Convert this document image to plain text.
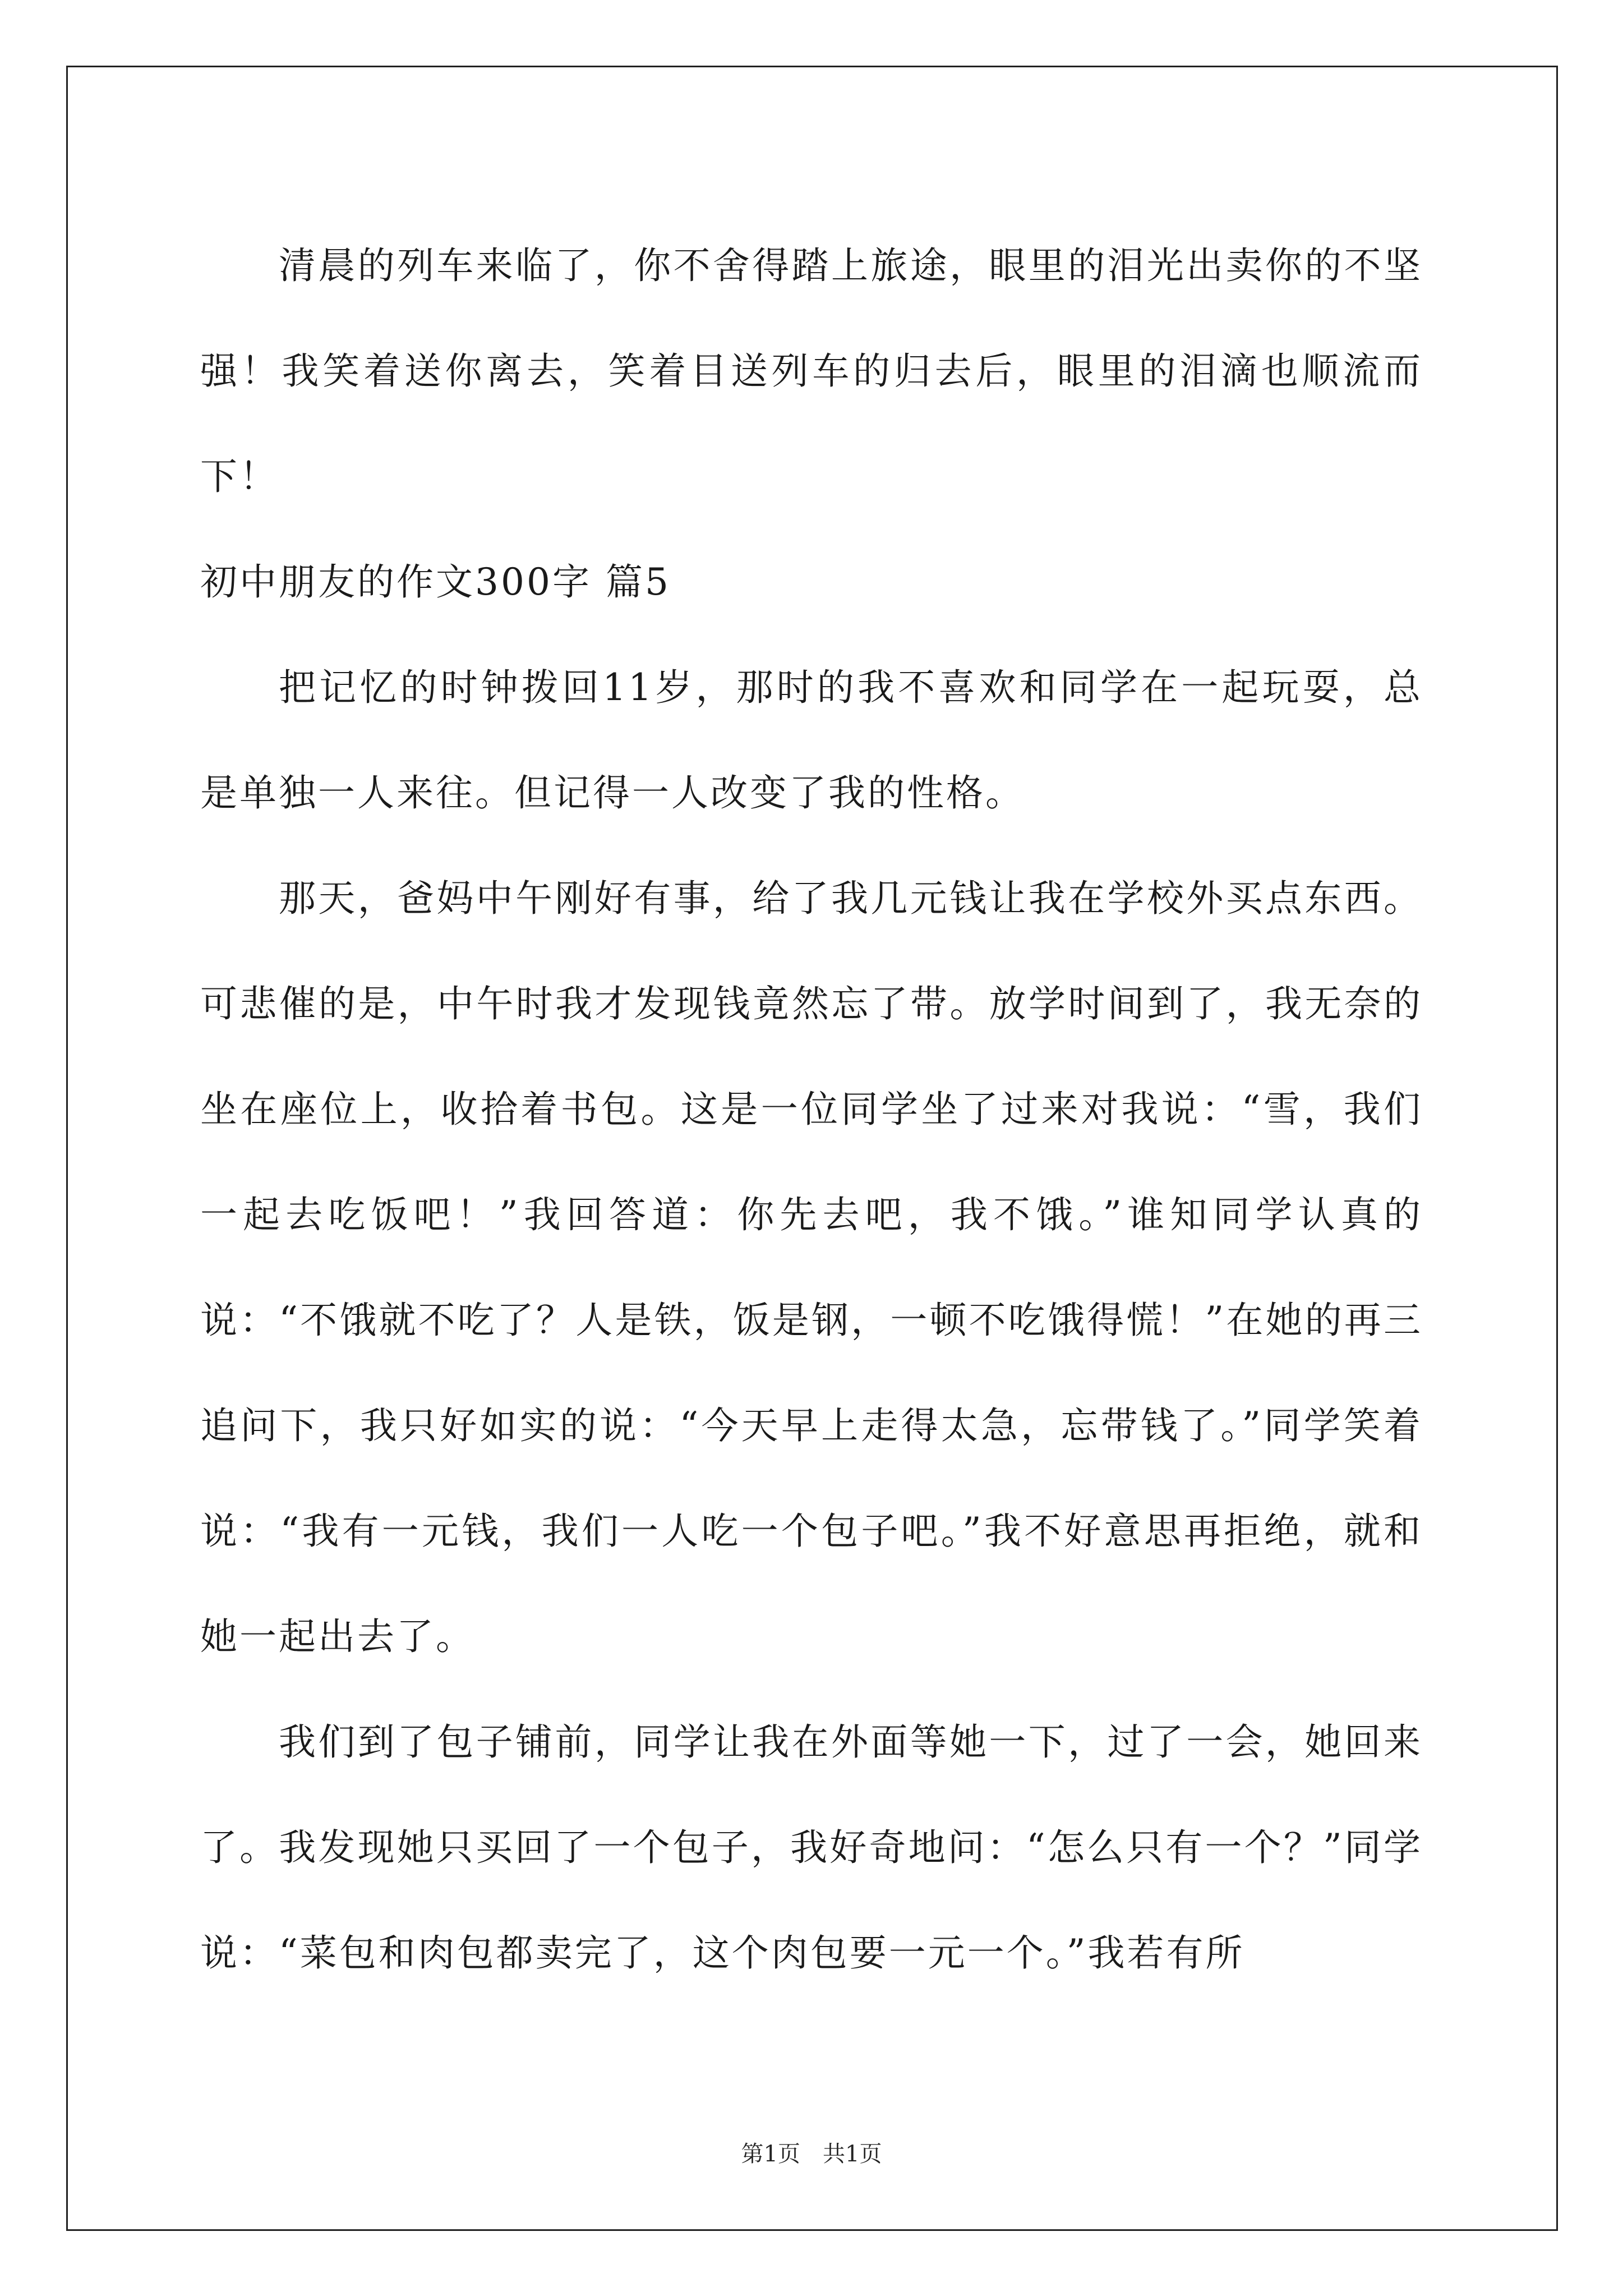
清晨的列车来临了，你不舍得踏上旅途，眼里的泪光出卖你的不坚强！我笑着送你离去，笑着目送列车的归去后，眼里的泪滴也顺流而下！

初中朋友的作文300字 篇5

把记忆的时钟拨回11岁，那时的我不喜欢和同学在一起玩耍，总是单独一人来往。但记得一人改变了我的性格。

那天，爸妈中午刚好有事，给了我几元钱让我在学校外买点东西。可悲催的是，中午时我才发现钱竟然忘了带。放学时间到了，我无奈的坐在座位上，收拾着书包。这是一位同学坐了过来对我说：“雪，我们一起去吃饭吧！”我回答道：你先去吧，我不饿。”谁知同学认真的说：“不饿就不吃了？人是铁，饭是钢，一顿不吃饿得慌！”在她的再三追问下，我只好如实的说：“今天早上走得太急，忘带钱了。”同学笑着说：“我有一元钱，我们一人吃一个包子吧。”我不好意思再拒绝，就和她一起出去了。

我们到了包子铺前，同学让我在外面等她一下，过了一会，她回来了。我发现她只买回了一个包子，我好奇地问：“怎么只有一个？”同学说：“菜包和肉包都卖完了，这个肉包要一元一个。”我若有所

第1页　共1页
